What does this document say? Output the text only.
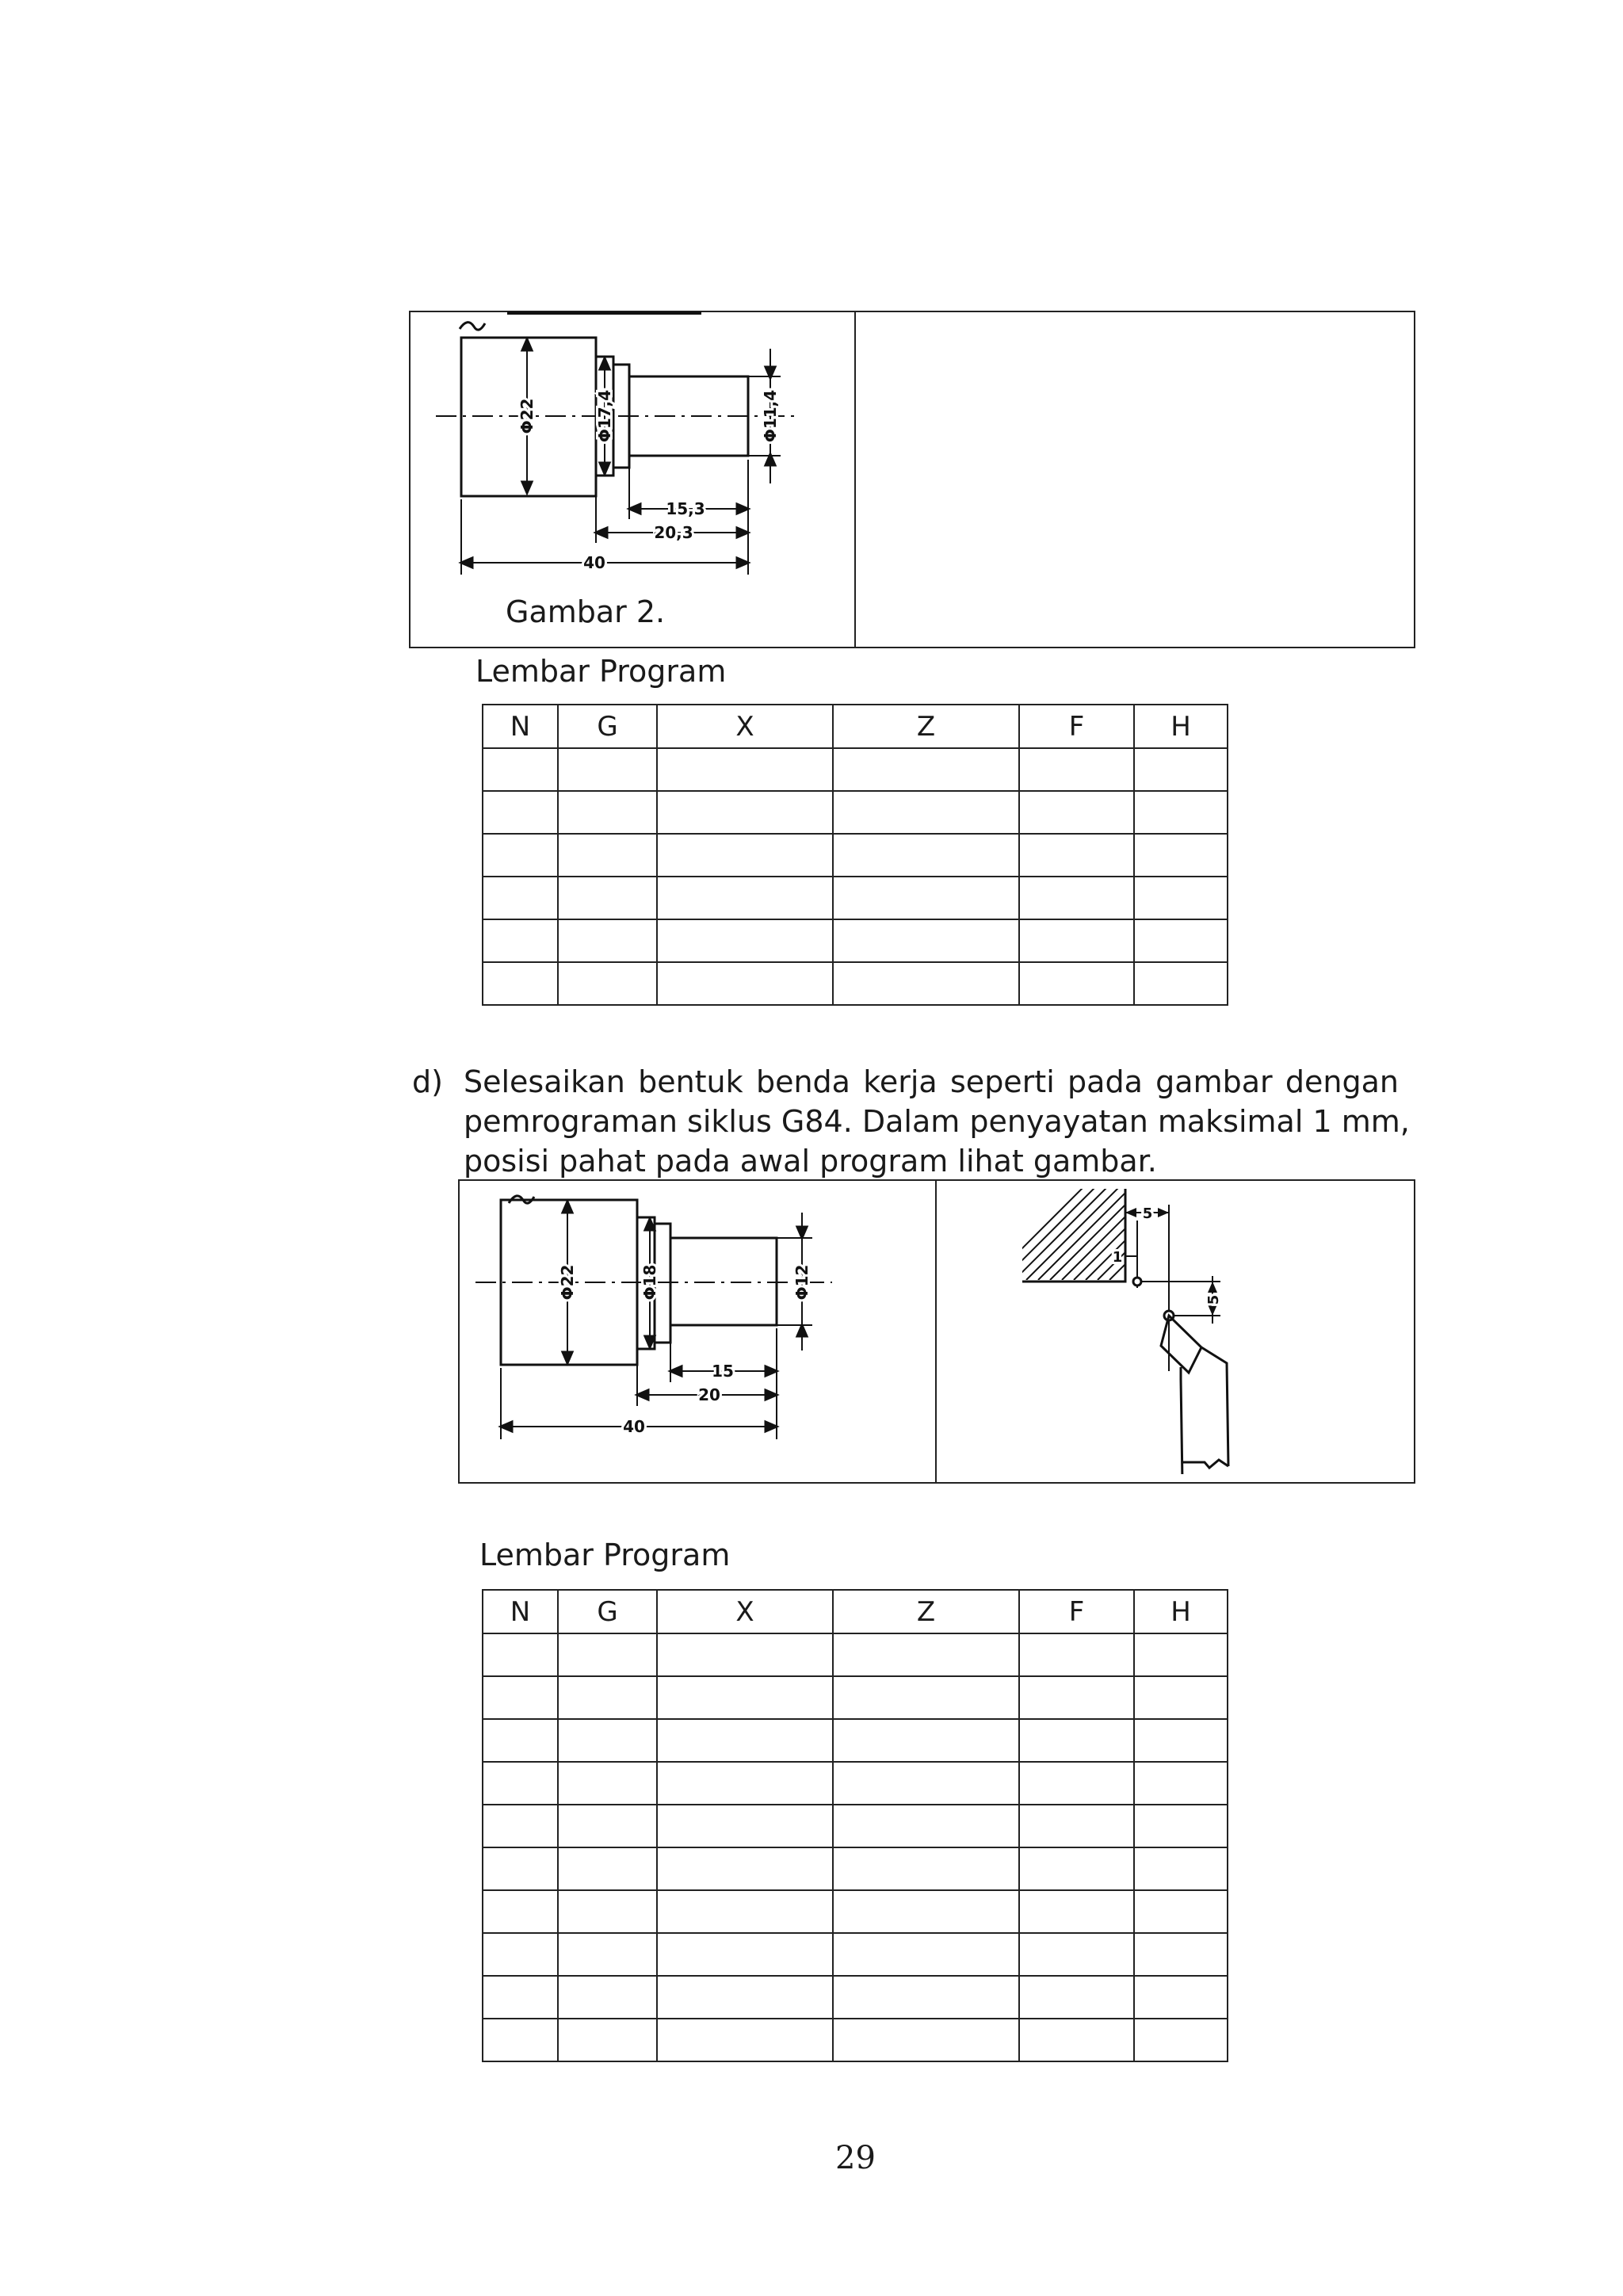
Φ22	Φ17,4	Φ11,4
15,3
20,3
40
Gambar 2.
Lembar Program
N	G	X	Z	F	H

d) Selesaikan bentuk benda kerja seperti pada gambar dengan
pemrograman siklus G84. Dalam penyayatan maksimal 1 mm,
posisi pahat pada awal program lihat gambar.
Φ22	Φ18	Φ12
15
20
40
5
1
5
Lembar Program
N	G	X	Z	F	H

29
